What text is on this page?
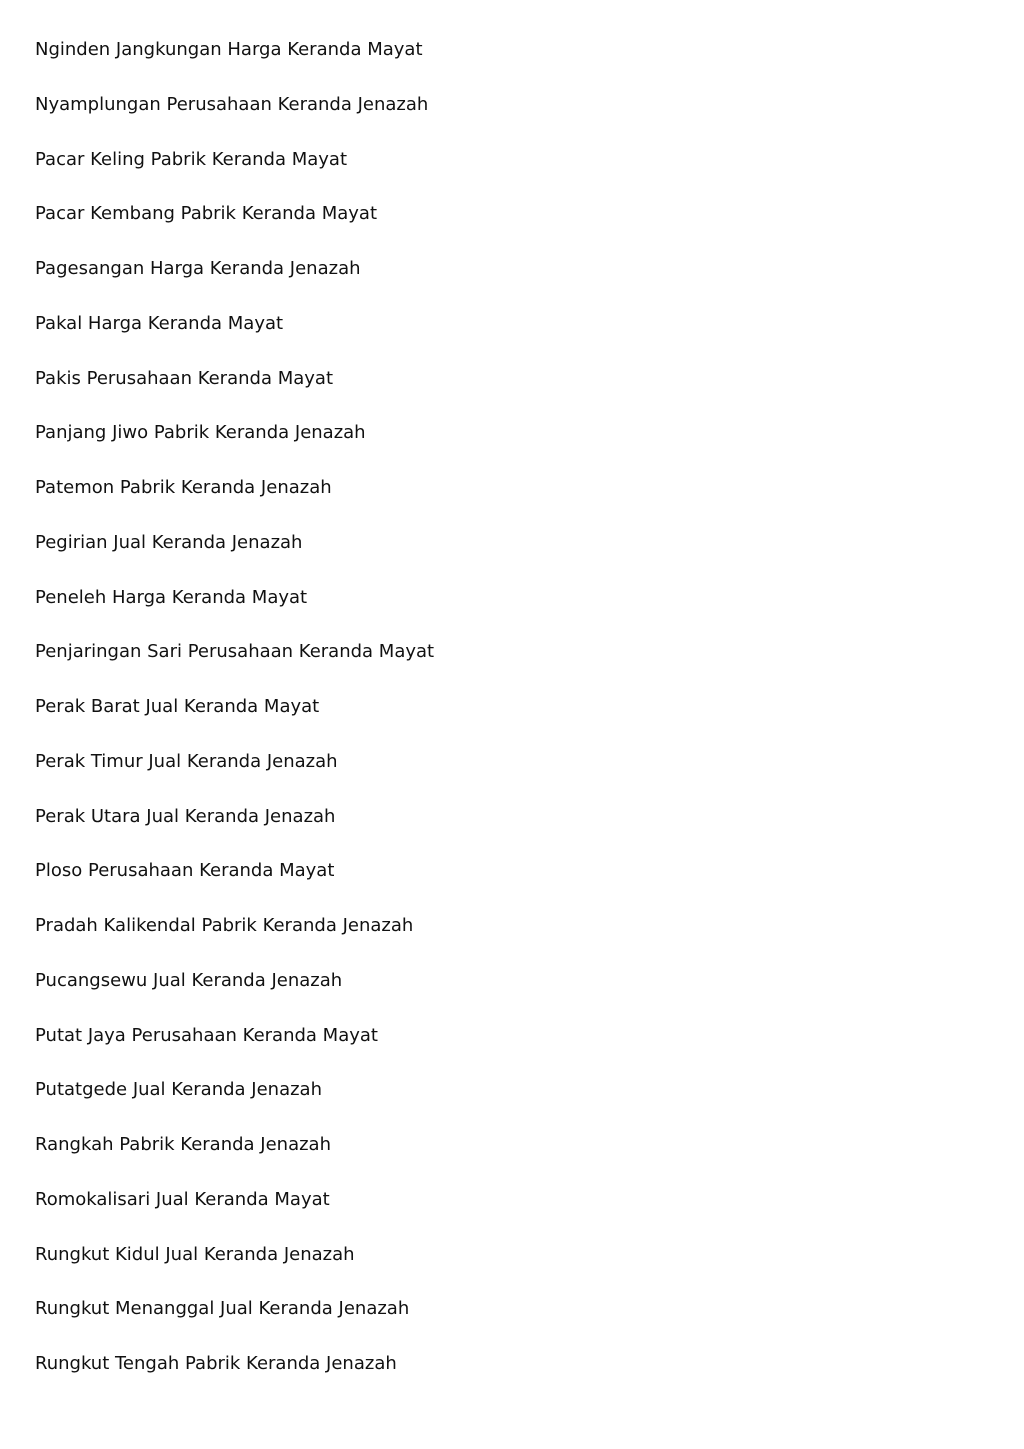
Nginden Jangkungan Harga Keranda Mayat
Nyamplungan Perusahaan Keranda Jenazah
Pacar Keling Pabrik Keranda Mayat
Pacar Kembang Pabrik Keranda Mayat
Pagesangan Harga Keranda Jenazah
Pakal Harga Keranda Mayat
Pakis Perusahaan Keranda Mayat
Panjang Jiwo Pabrik Keranda Jenazah
Patemon Pabrik Keranda Jenazah
Pegirian Jual Keranda Jenazah
Peneleh Harga Keranda Mayat
Penjaringan Sari Perusahaan Keranda Mayat
Perak Barat Jual Keranda Mayat
Perak Timur Jual Keranda Jenazah
Perak Utara Jual Keranda Jenazah
Ploso Perusahaan Keranda Mayat
Pradah Kalikendal Pabrik Keranda Jenazah
Pucangsewu Jual Keranda Jenazah
Putat Jaya Perusahaan Keranda Mayat
Putatgede Jual Keranda Jenazah
Rangkah Pabrik Keranda Jenazah
Romokalisari Jual Keranda Mayat
Rungkut Kidul Jual Keranda Jenazah
Rungkut Menanggal Jual Keranda Jenazah
Rungkut Tengah Pabrik Keranda Jenazah
